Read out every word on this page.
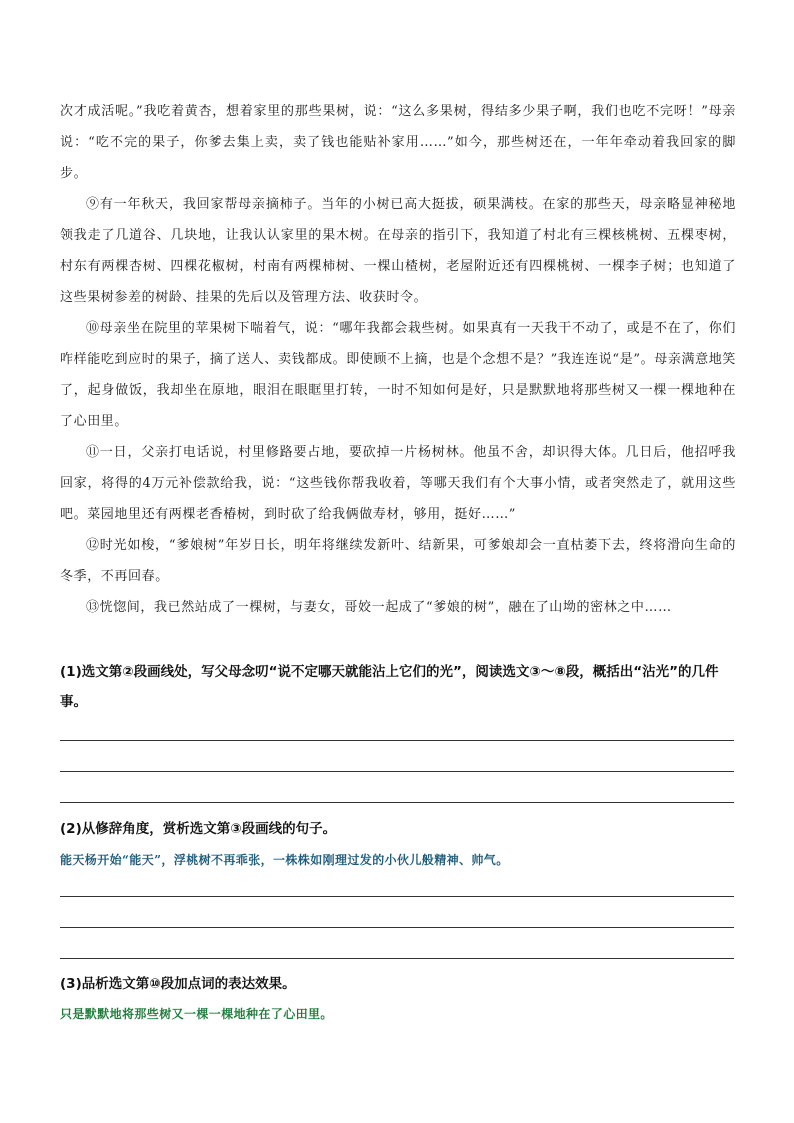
次才成活呢。”我吃着黄杏，想着家里的那些果树，说：“这么多果树，得结多少果子啊，我们也吃不完呀！”母亲说：“吃不完的果子，你爹去集上卖，卖了钱也能贴补家用……”如今，那些树还在，一年年牵动着我回家的脚步。

⑨有一年秋天，我回家帮母亲摘柿子。当年的小树已高大挺拔，硕果满枝。在家的那些天，母亲略显神秘地领我走了几道谷、几块地，让我认认家里的果木树。在母亲的指引下，我知道了村北有三棵核桃树、五棵枣树，村东有两棵杏树、四棵花椒树，村南有两棵柿树、一棵山楂树，老屋附近还有四棵桃树、一棵李子树；也知道了这些果树参差的树龄、挂果的先后以及管理方法、收获时令。

⑩母亲坐在院里的苹果树下喘着气，说：“哪年我都会栽些树。如果真有一天我干不动了，或是不在了，你们咋样能吃到应时的果子，摘了送人、卖钱都成。即使顾不上摘，也是个念想不是？”我连连说“是”。母亲满意地笑了，起身做饭，我却坐在原地，眼泪在眼眶里打转，一时不知如何是好，只是默默地将那些树又一棵一棵地种在了心田里。

⑪一日，父亲打电话说，村里修路要占地，要砍掉一片杨树林。他虽不舍，却识得大体。几日后，他招呼我回家，将得的4万元补偿款给我，说：“这些钱你帮我收着，等哪天我们有个大事小情，或者突然走了，就用这些吧。菜园地里还有两棵老香椿树，到时砍了给我俩做寿材，够用，挺好……”

⑫时光如梭，“爹娘树”年岁日长，明年将继续发新叶、结新果，可爹娘却会一直枯萎下去，终将滑向生命的冬季，不再回春。

⑬恍惚间，我已然站成了一棵树，与妻女，哥姣一起成了“爹娘的树”，融在了山坳的密林之中……

(1)选文第②段画线处，写父母念叨“说不定哪天就能沾上它们的光”，阅读选文③～⑧段，概括出“沾光”的几件事。
(2)从修辞角度，赏析选文第③段画线的句子。
能天杨开始“能天”，浮桃树不再乖张，一株株如刚理过发的小伙儿般精神、帅气。
(3)品析选文第⑩段加点词的表达效果。
只是默默地将那些树又一棵一棵地种在了心田里。
